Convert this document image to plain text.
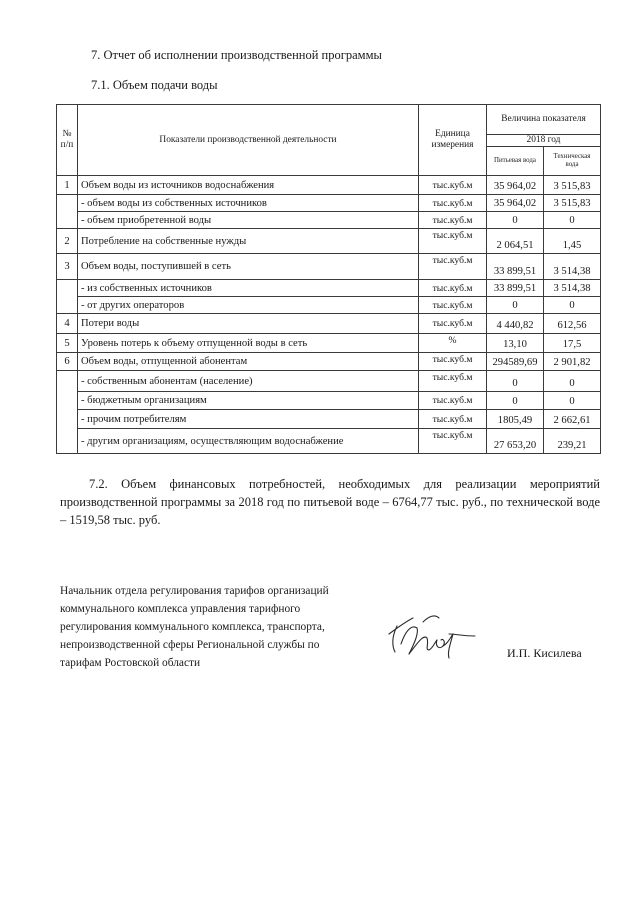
7. Отчет об исполнении производственной программы
7.1. Объем подачи воды
№ п/п	Показатели производственной деятельности	Единица измерения	Величина показателя	
			2018 год	
			Питьевая вода	Техническая вода
1	Объем воды из источников водоснабжения	тыс.куб.м	35 964,02	3 515,83
	- объем воды из собственных источников	тыс.куб.м	35 964,02	3 515,83
	- объем приобретенной воды	тыс.куб.м	0	0
2	Потребление на собственные нужды	тыс.куб.м	2 064,51	1,45
3	Объем воды, поступившей в сеть	тыс.куб.м	33 899,51	3 514,38
	- из собственных источников	тыс.куб.м	33 899,51	3 514,38
	- от других операторов	тыс.куб.м	0	0
4	Потери воды	тыс.куб.м	4 440,82	612,56
5	Уровень потерь к объему отпущенной воды в сеть	%	13,10	17,5
6	Объем воды, отпущенной абонентам	тыс.куб.м	294589,69	2 901,82
	- собственным абонентам (население)	тыс.куб.м	0	0
	- бюджетным организациям	тыс.куб.м	0	0
	- прочим потребителям	тыс.куб.м	1805,49	2 662,61
	- другим организациям, осуществляющим водоснабжение	тыс.куб.м	27 653,20	239,21
7.2. Объем финансовых потребностей, необходимых для реализации мероприятий производственной программы за 2018 год по питьевой воде – 6764,77 тыс. руб., по технической воде – 1519,58 тыс. руб.
Начальник отдела регулирования тарифов организаций
коммунального комплекса управления тарифного
регулирования коммунального комплекса, транспорта,
непроизводственной сферы Региональной службы по
тарифам Ростовской области
И.П. Кисилева
